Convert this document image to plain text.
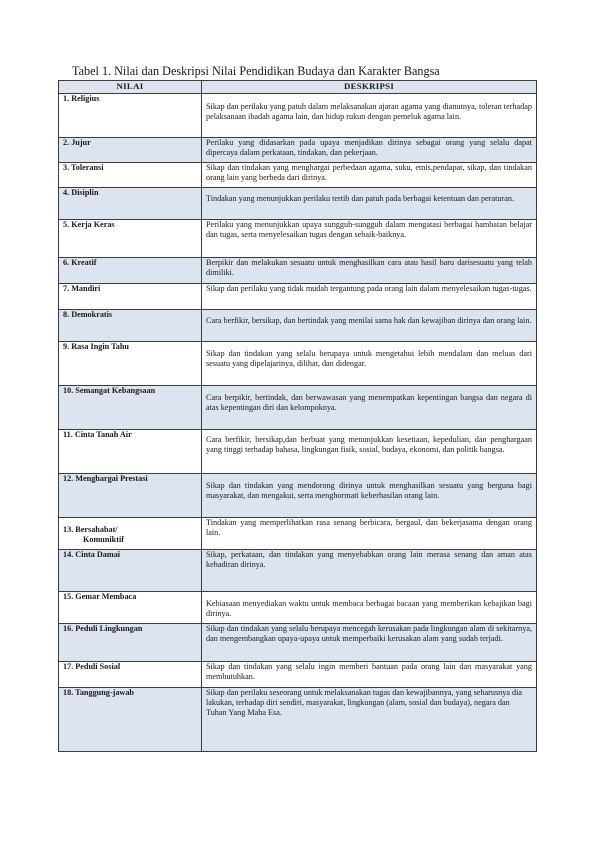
Tabel 1. Nilai dan Deskripsi Nilai Pendidikan Budaya dan Karakter Bangsa
NILAI	DESKRIPSI
1. Religius	Sikap dan perilaku yang patuh dalam melaksanakan ajaran agama yang dianutnya, toleran terhadap pelaksanaan ibadah agama lain, dan hidup rukun dengan pemeluk agama lain.
2. Jujur	Perilaku yang didasarkan pada upaya menjadikan dirinya sebagai orang yang selalu dapat dipercaya dalam perkataan, tindakan, dan pekerjaan.
3. Toleransi	Sikap dan tindakan yang menghargai perbedaan agama, suku, etnis,pendapat, sikap, dan tindakan orang lain yang berbeda dari dirinya.
4. Disiplin	Tindakan yang menunjukkan perilaku tertib dan patuh pada berbagai ketentuan dan peraturan.
5. Kerja Keras	Perilaku yang menunjukkan upaya sungguh-sungguh dalam mengatasi berbagai hambatan belajar dan tugas, serta menyelesaikan tugas dengan sebaik-baiknya.
6. Kreatif	Berpikir dan melakukan sesuatu untuk menghasilkan cara atau hasil baru darisesuatu yang telah dimiliki.
7. Mandiri	Sikap dan perilaku yang tidak mudah tergantung pada orang lain dalam menyelesaikan tugas-tugas.
8. Demokratis	Cara berfikir, bersikap, dan bertindak yang menilai sama hak dan kewajiban dirinya dan orang lain.
9. Rasa Ingin Tahu	Sikap dan tindakan yang selalu berupaya untuk mengetahui lebih mendalam dan meluas dari sesuatu yang dipelajarinya, dilihat, dan didengar.
10. Semangat Kebangsaan	Cara berpikir, bertindak, dan berwawasan yang menempatkan kepentingan bangsa dan negara di atas kepentingan diri dan kelompoknya.
11. Cinta Tanah Air	Cara berfikir, bersikap,dan berbuat yang menunjukkan kesetiaan, kepedulian, dan penghargaan yang tinggi terhadap bahasa, lingkungan fisik, sosial, budaya, ekonomi, dan politik bangsa.
12. Menghargai Prestasi	Sikap dan tindakan yang mendorong dirinya untuk menghasilkan sesuatu yang berguna bagi masyarakat, dan mengakui, serta menghormati keberhasilan orang lain.
13. Bersahabat/
Komuniktif	Tindakan yang memperlihatkan rasa senang berbicara, bergaul, dan bekerjasama dengan orang lain.
14. Cinta Damai	Sikap, perkataan, dan tindakan yang menyebabkan orang lain merasa senang dan aman atas kehadiran dirinya.
15. Gemar Membaca	Kebiasaan menyediakan waktu untuk membaca berbagai bacaan yang memberikan kebajikan bagi dirinya.
16. Peduli Lingkungan	Sikap dan tindakan yang selalu berupaya mencegah kerusakan pada lingkungan alam di sekitarnya, dan mengembangkan upaya-upaya untuk memperbaiki kerusakan alam yang sudah terjadi.
17. Peduli Sosial	Sikap dan tindakan yang selalu ingin memberi bantuan pada orang lain dan masyarakat yang membutuhkan.
18. Tanggung-jawab	Sikap dan perilaku seseorang untuk melaksanakan tugas dan kewajibannya, yang seharusnya dia lakukan, terhadap diri sendiri, masyarakat, lingkungan (alam, sosial dan budaya), negara dan Tuhan Yang Maha Esa.
